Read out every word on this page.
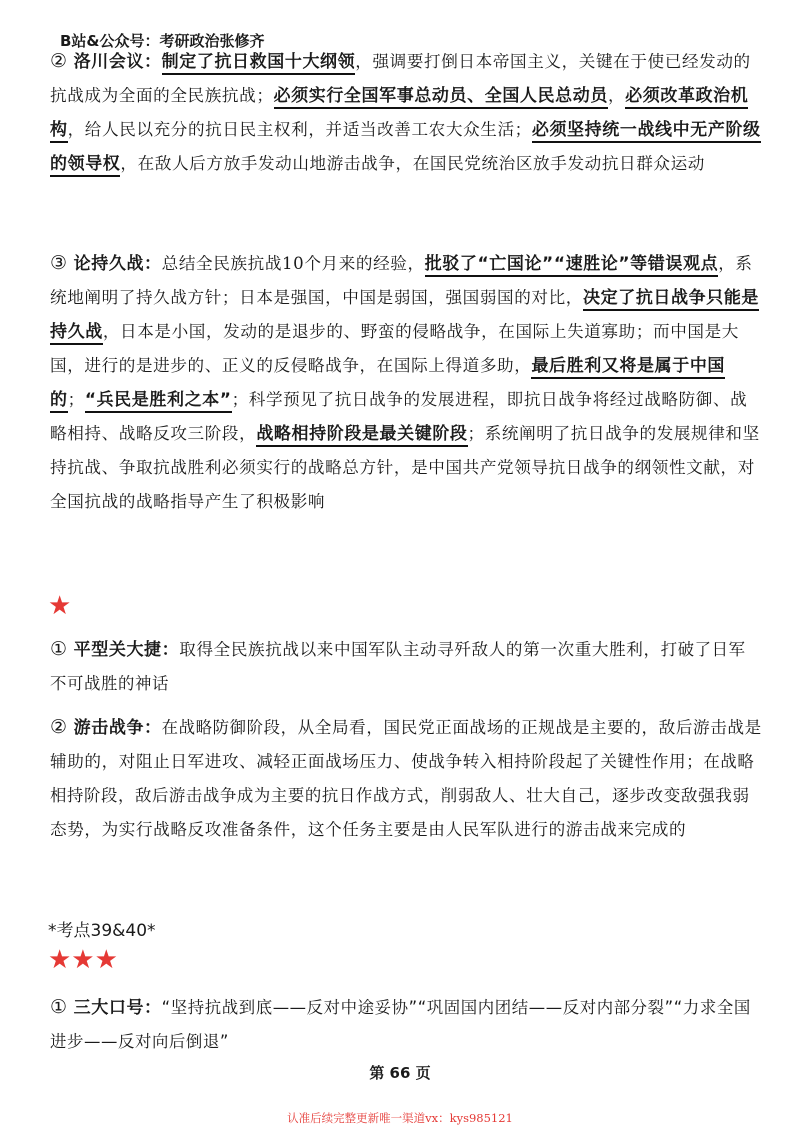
B站&公众号：考研政治张修齐
② 洛川会议：制定了抗日救国十大纲领，强调要打倒日本帝国主义，关键在于使已经发动的抗战成为全面的全民族抗战；必须实行全国军事总动员、全国人民总动员，必须改革政治机构，给人民以充分的抗日民主权利，并适当改善工农大众生活；必须坚持统一战线中无产阶级的领导权，在敌人后方放手发动山地游击战争，在国民党统治区放手发动抗日群众运动
③ 论持久战：总结全民族抗战10个月来的经验，批驳了“亡国论”“速胜论”等错误观点，系统地阐明了持久战方针；日本是强国，中国是弱国，强国弱国的对比，决定了抗日战争只能是持久战，日本是小国，发动的是退步的、野蛮的侵略战争，在国际上失道寡助；而中国是大国，进行的是进步的、正义的反侵略战争，在国际上得道多助，最后胜利又将是属于中国的；“兵民是胜利之本”；科学预见了抗日战争的发展进程，即抗日战争将经过战略防御、战略相持、战略反攻三阶段，战略相持阶段是最关键阶段；系统阐明了抗日战争的发展规律和坚持抗战、争取抗战胜利必须实行的战略总方针，是中国共产党领导抗日战争的纲领性文献，对全国抗战的战略指导产生了积极影响
★
① 平型关大捷：取得全民族抗战以来中国军队主动寻歼敌人的第一次重大胜利，打破了日军不可战胜的神话
② 游击战争：在战略防御阶段，从全局看，国民党正面战场的正规战是主要的，敌后游击战是辅助的，对阻止日军进攻、减轻正面战场压力、使战争转入相持阶段起了关键性作用；在战略相持阶段，敌后游击战争成为主要的抗日作战方式，削弱敌人、壮大自己，逐步改变敌强我弱态势，为实行战略反攻准备条件，这个任务主要是由人民军队进行的游击战来完成的
*考点39&40*
★★★
① 三大口号：“坚持抗战到底——反对中途妥协”“巩固国内团结——反对内部分裂”“力求全国进步——反对向后倒退”
第 66 页
认准后续完整更新唯一渠道vx：kys985121
